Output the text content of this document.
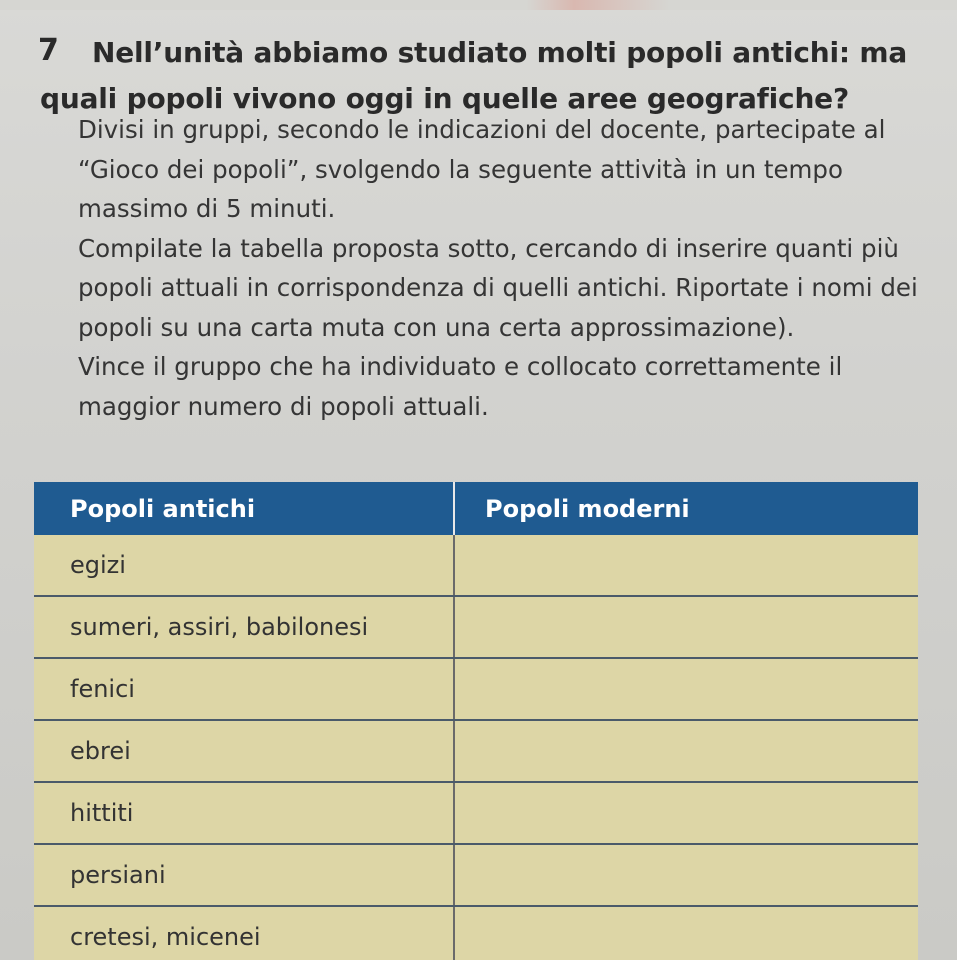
7	Nell’unità abbiamo studiato molti popoli antichi: ma quali popoli vivono oggi in quelle aree geografiche?

Divisi in gruppi, secondo le indicazioni del docente, partecipate al “Gioco dei popoli”, svolgendo la seguente attività in un tempo massimo di 5 minuti.

Compilate la tabella proposta sotto, cercando di inserire quanti più popoli attuali in corrispondenza di quelli antichi. Riportate i nomi dei popoli su una carta muta con una certa approssimazione).

Vince il gruppo che ha individuato e collocato correttamente il maggior numero di popoli attuali.

Popoli antichi	Popoli moderni
egizi	
sumeri, assiri, babilonesi	
fenici	
ebrei	
hittiti	
persiani	
cretesi, micenei	
